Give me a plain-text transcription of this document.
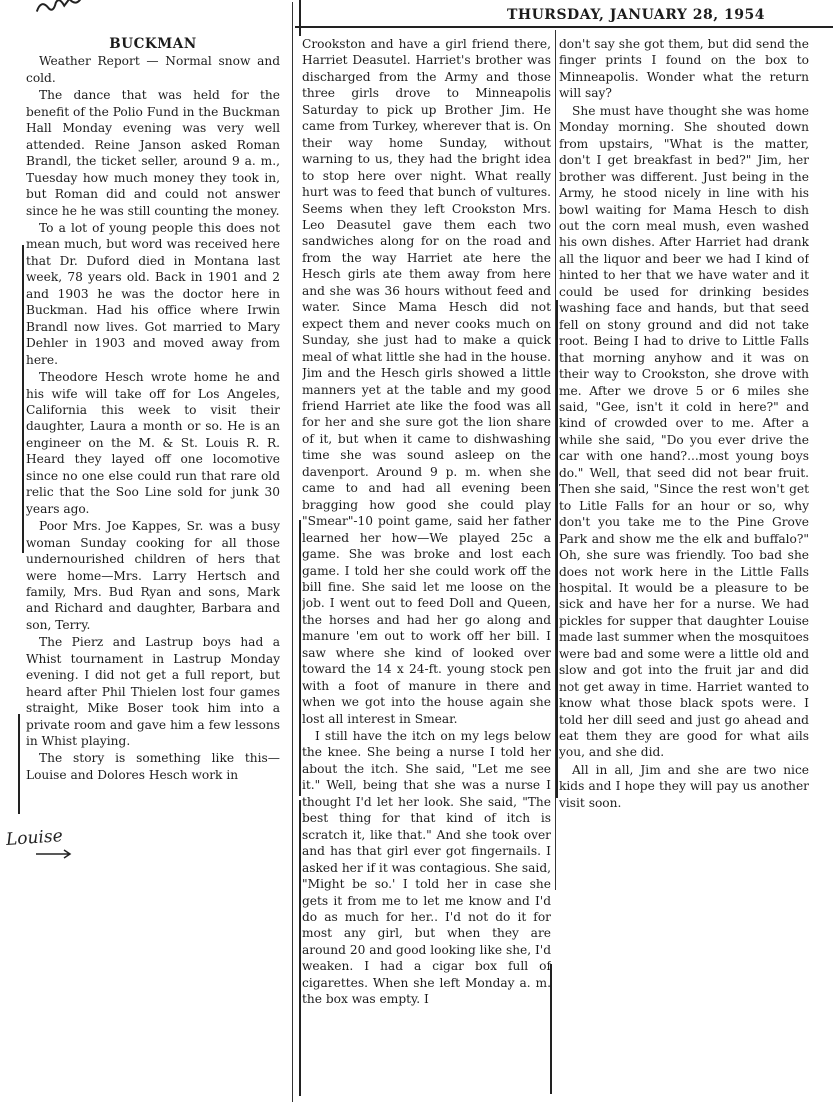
THURSDAY, JANUARY 28, 1954

BUCKMAN

Weather Report — Normal snow and cold.

The dance that was held for the benefit of the Polio Fund in the Buckman Hall Monday evening was very well attended. Reine Janson asked Roman Brandl, the ticket seller, around 9 a. m., Tuesday how much money they took in, but Roman did and could not answer since he he was still counting the money.

To a lot of young people this does not mean much, but word was received here that Dr. Duford died in Montana last week, 78 years old. Back in 1901 and 2 and 1903 he was the doctor here in Buckman. Had his office where Irwin Brandl now lives. Got married to Mary Dehler in 1903 and moved away from here.

Theodore Hesch wrote home he and his wife will take off for Los Angeles, California this week to visit their daughter, Laura a month or so. He is an engineer on the M. & St. Louis R. R. Heard they layed off one locomotive since no one else could run that rare old relic that the Soo Line sold for junk 30 years ago.

Poor Mrs. Joe Kappes, Sr. was a busy woman Sunday cooking for all those undernourished children of hers that were home—Mrs. Larry Hertsch and family, Mrs. Bud Ryan and sons, Mark and Richard and daughter, Barbara and son, Terry.

The Pierz and Lastrup boys had a Whist tournament in Lastrup Monday evening. I did not get a full report, but heard after Phil Thielen lost four games straight, Mike Boser took him into a private room and gave him a few lessons in Whist playing.

The story is something like this—Louise and Dolores Hesch work in

Crookston and have a girl friend there, Harriet Deasutel. Harriet's brother was discharged from the Army and those three girls drove to Minneapolis Saturday to pick up Brother Jim. He came from Turkey, wherever that is. On their way home Sunday, without warning to us, they had the bright idea to stop here over night. What really hurt was to feed that bunch of vultures. Seems when they left Crookston Mrs. Leo Deasutel gave them each two sandwiches along for on the road and from the way Harriet ate here the Hesch girls ate them away from here and she was 36 hours without feed and water. Since Mama Hesch did not expect them and never cooks much on Sunday, she just had to make a quick meal of what little she had in the house. Jim and the Hesch girls showed a little manners yet at the table and my good friend Harriet ate like the food was all for her and she sure got the lion share of it, but when it came to dishwashing time she was sound asleep on the davenport. Around 9 p. m. when she came to and had all evening been bragging how good she could play "Smear"-10 point game, said her father learned her how—We played 25c a game. She was broke and lost each game. I told her she could work off the bill fine. She said let me loose on the job. I went out to feed Doll and Queen, the horses and had her go along and manure 'em out to work off her bill. I saw where she kind of looked over toward the 14 x 24-ft. young stock pen with a foot of manure in there and when we got into the house again she lost all interest in Smear.

I still have the itch on my legs below the knee. She being a nurse I told her about the itch. She said, "Let me see it." Well, being that she was a nurse I thought I'd let her look. She said, "The best thing for that kind of itch is scratch it, like that." And she took over and has that girl ever got fingernails. I asked her if it was contagious. She said, "Might be so.' I told her in case she gets it from me to let me know and I'd do as much for her.. I'd not do it for most any girl, but when they are around 20 and good looking like she, I'd weaken. I had a cigar box full of cigarettes. When she left Monday a. m. the box was empty. I

don't say she got them, but did send the finger prints I found on the box to Minneapolis. Wonder what the return will say?

She must have thought she was home Monday morning. She shouted down from upstairs, "What is the matter, don't I get breakfast in bed?" Jim, her brother was different. Just being in the Army, he stood nicely in line with his bowl waiting for Mama Hesch to dish out the corn meal mush, even washed his own dishes. After Harriet had drank all the liquor and beer we had I kind of hinted to her that we have water and it could be used for drinking besides washing face and hands, but that seed fell on stony ground and did not take root. Being I had to drive to Little Falls that morning anyhow and it was on their way to Crookston, she drove with me. After we drove 5 or 6 miles she said, "Gee, isn't it cold in here?" and kind of crowded over to me. After a while she said, "Do you ever drive the car with one hand?...most young boys do." Well, that seed did not bear fruit. Then she said, "Since the rest won't get to Litle Falls for an hour or so, why don't you take me to the Pine Grove Park and show me the elk and buffalo?" Oh, she sure was friendly. Too bad she does not work here in the Little Falls hospital. It would be a pleasure to be sick and have her for a nurse. We had pickles for supper that daughter Louise made last summer when the mosquitoes were bad and some were a little old and slow and got into the fruit jar and did not get away in time. Harriet wanted to know what those black spots were. I told her dill seed and just go ahead and eat them they are good for what ails you, and she did.

All in all, Jim and she are two nice kids and I hope they will pay us another visit soon.

Louise
